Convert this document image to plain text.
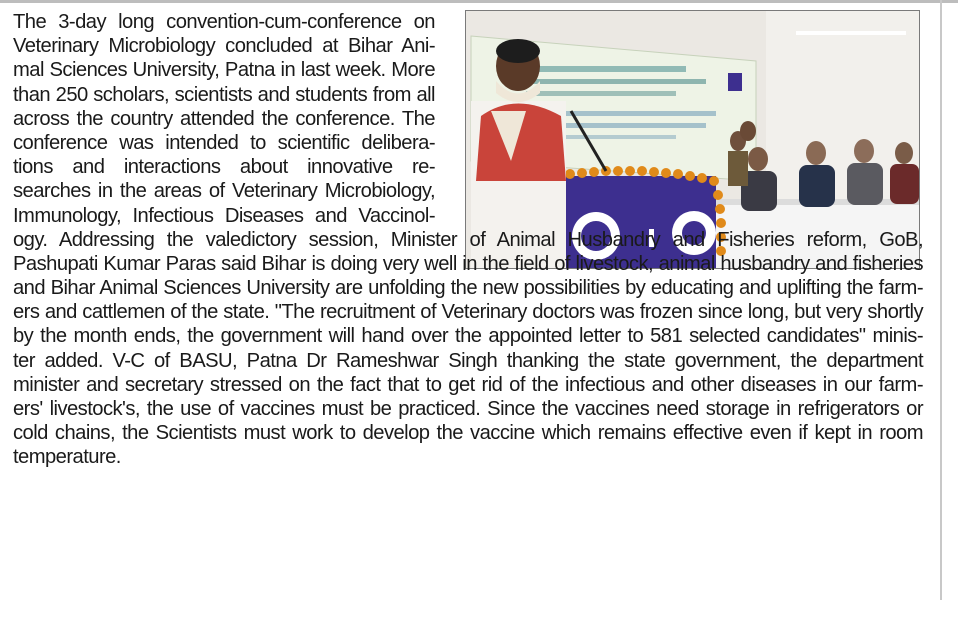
The 3-day long convention-cum-conference on
Veterinary Microbiology concluded at Bihar Ani-
mal Sciences University, Patna in last week. More
than 250 scholars, scientists and students from all
across the country attended the conference. The
conference was intended to scientific delibera-
tions and interactions about innovative re-
searches in the areas of Veterinary Microbiology,
Immunology, Infectious Diseases and Vaccinol-
ogy. Addressing the valedictory session, Minister of Animal Husbandry and Fisheries reform, GoB,
Pashupati Kumar Paras said Bihar is doing very well in the field of livestock, animal husbandry and fisheries
and Bihar Animal Sciences University are unfolding the new possibilities by educating and uplifting the farm-
ers and cattlemen of the state. "The recruitment of Veterinary doctors was frozen since long, but very shortly
by the month ends, the government will hand over the appointed letter to 581 selected candidates" minis-
ter added. V-C of BASU, Patna Dr Rameshwar Singh thanking the state government, the department
minister and secretary stressed on the fact that to get rid of the infectious and other diseases in our farm-
ers' livestock's, the use of vaccines must be practiced. Since the vaccines need storage in refrigerators or
cold chains, the Scientists must work to develop the vaccine which remains effective even if kept in room
temperature.
